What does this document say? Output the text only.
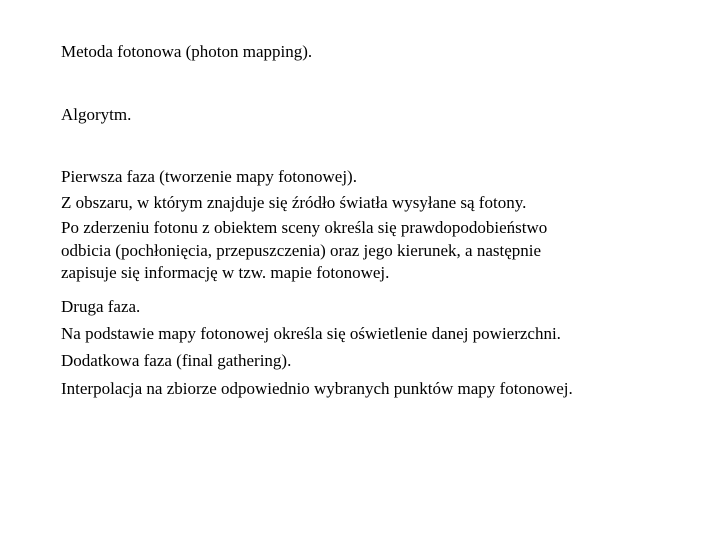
Metoda fotonowa (photon mapping).
Algorytm.
Pierwsza faza (tworzenie mapy fotonowej).
Z obszaru, w którym znajduje się źródło światła wysyłane są fotony.
Po zderzeniu fotonu z obiektem sceny określa się prawdopodobieństwo
odbicia (pochłonięcia, przepuszczenia) oraz jego kierunek, a następnie
zapisuje się informację w tzw. mapie fotonowej.
Druga faza.
Na podstawie mapy fotonowej określa się oświetlenie danej powierzchni.
Dodatkowa faza (final gathering).
Interpolacja na zbiorze odpowiednio wybranych punktów mapy fotonowej.
